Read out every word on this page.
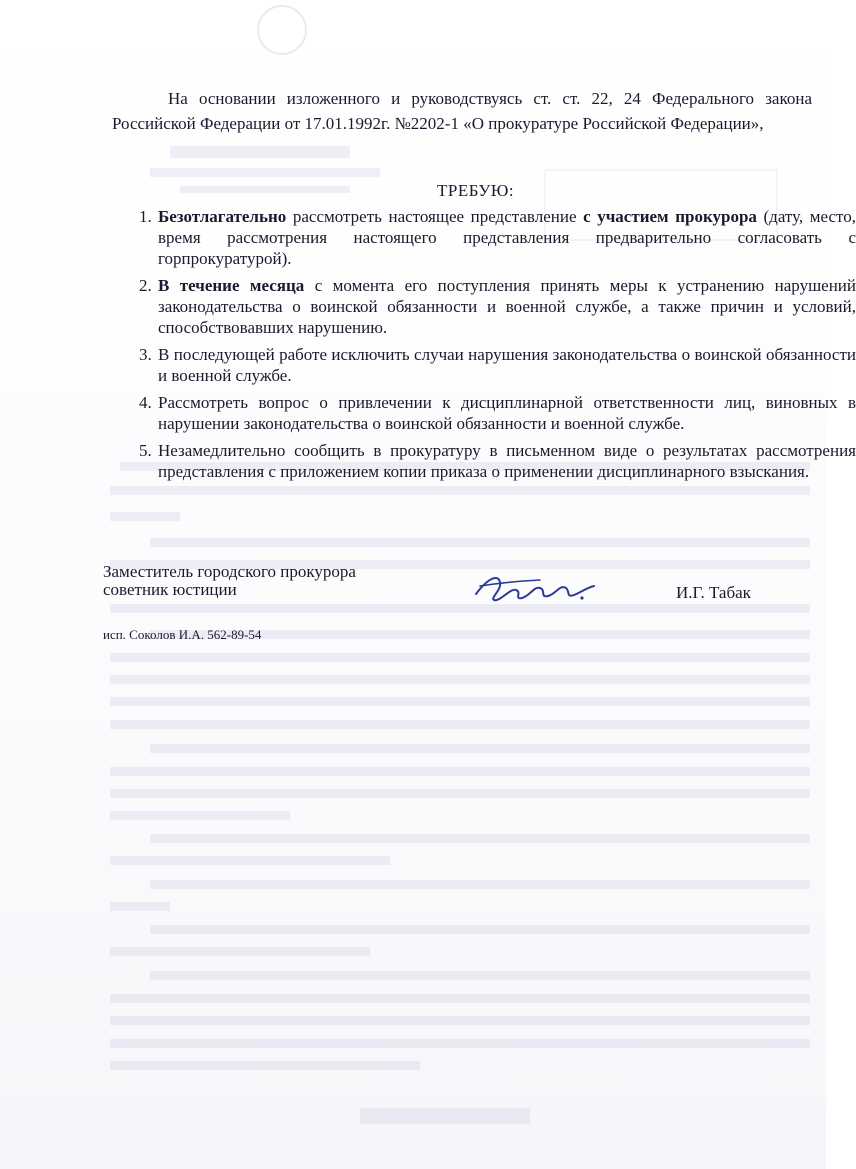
На основании изложенного и руководствуясь ст. ст. 22, 24 Федерального закона Российской Федерации от 17.01.1992г. №2202-1 «О прокуратуре Российской Федерации»,

ТРЕБУЮ:
1. Безотлагательно рассмотреть настоящее представление с участием прокурора (дату, место, время рассмотрения настоящего представления предварительно согласовать с горпрокуратурой).
2. В течение месяца с момента его поступления принять меры к устранению нарушений законодательства о воинской обязанности и военной службе, а также причин и условий, способствовавших нарушению.
3. В последующей работе исключить случаи нарушения законодательства о воинской обязанности и военной службе.
4. Рассмотреть вопрос о привлечении к дисциплинарной ответственности лиц, виновных в нарушении законодательства о воинской обязанности и военной службе.
5. Незамедлительно сообщить в прокуратуру в письменном виде о результатах рассмотрения представления с приложением копии приказа о применении дисциплинарного взыскания.
Заместитель городского прокурора
советник юстиции	И.Г. Табак
исп. Соколов И.А. 562-89-54
